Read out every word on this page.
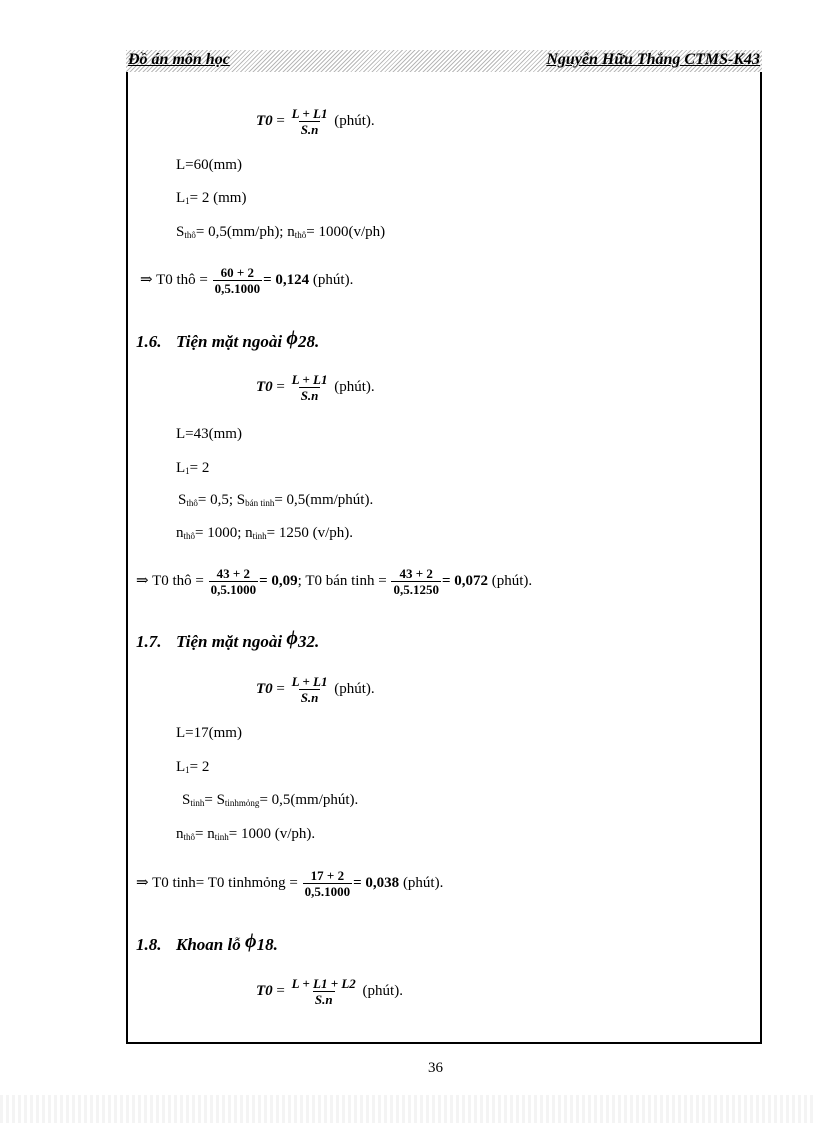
Đồ án môn học	Nguyễn Hữu Thắng CTMS-K43
$T0 = \frac{L + L1}{S.n}$ (phút).
L=60(mm)
$L_1= 2$ (mm)
$S_{thô}= 0,5(mm/ph)$; $n_{thô}= 1000(v/ph)$
⇒ T0 thô = $\frac{60 + 2}{0,5.1000} = 0,124$ (phút).
1.6. Tiện mặt ngoài ϕ28.
$T0 = \frac{L + L1}{S.n}$ (phút).
L=43(mm)
$L_1= 2$
$S_{thô}= 0,5$; $S_{bán tinh}=$ 0,5(mm/phút).
$n_{thô}= 1000$; $n_{tinh}= 1250$ (v/ph).
⇒ T0 thô = $\frac{43 + 2}{0,5.1000} = 0,09$; T0 bán tinh = $\frac{43 + 2}{0,5.1250} = 0,072$ (phút).
1.7. Tiện mặt ngoài ϕ32.
$T0 = \frac{L + L1}{S.n}$ (phút).
L=17(mm)
$L_1= 2$
$S_{tinh}= S_{tinhmỏng}=$ 0,5(mm/phút).
$n_{thô}= n_{tinh}= 1000$ (v/ph).
⇒ T0 tinh= T0 tinhmỏng = $\frac{17 + 2}{0,5.1000} = 0,038$ (phút).
1.8. Khoan lỗ ϕ18.
$T0 = \frac{L + L1 + L2}{S.n}$ (phút).
36
